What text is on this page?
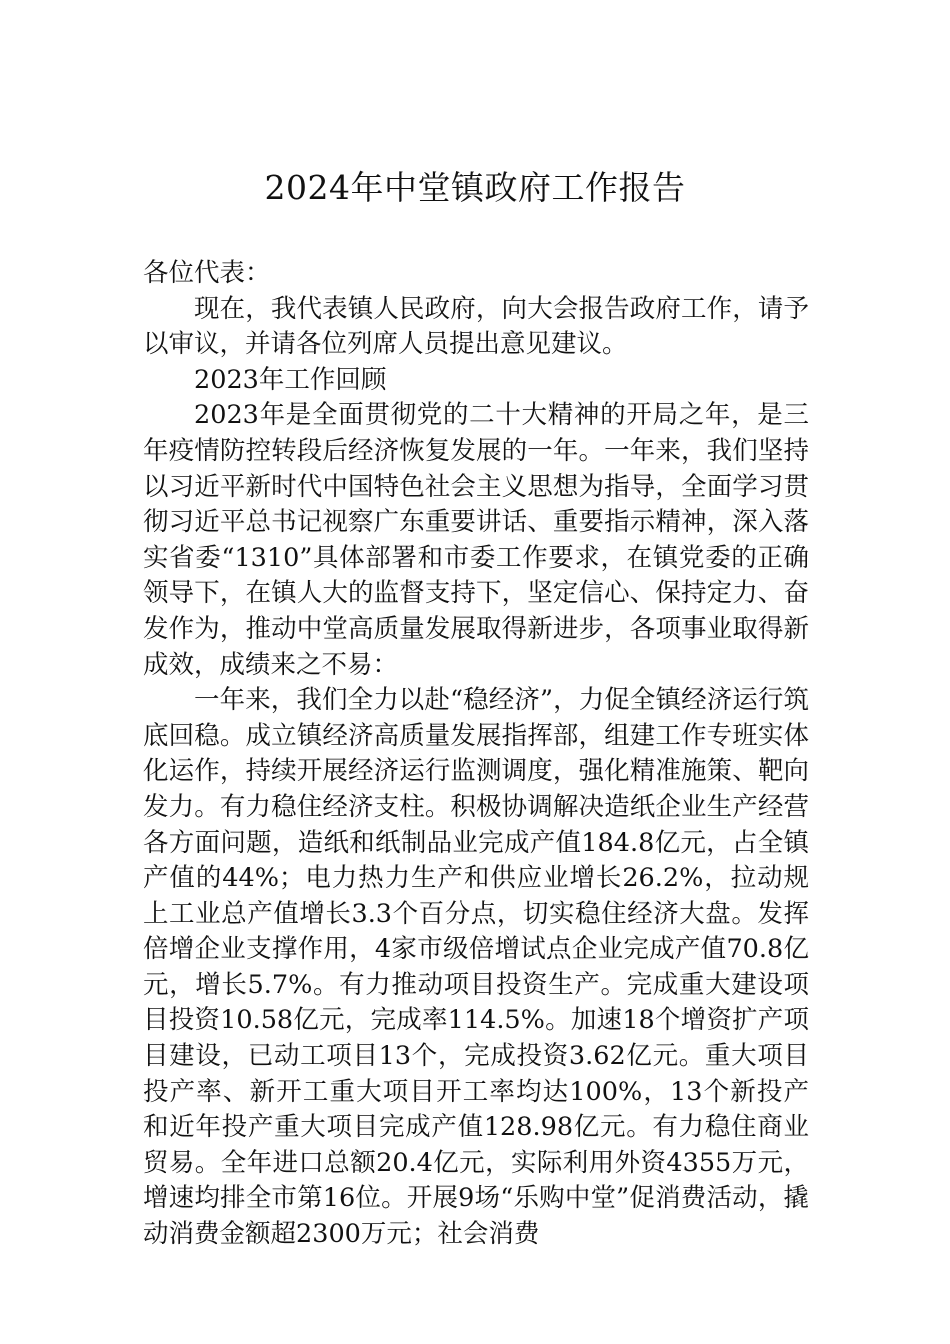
2024年中堂镇政府工作报告

各位代表：

现在，我代表镇人民政府，向大会报告政府工作，请予以审议，并请各位列席人员提出意见建议。

2023年工作回顾

2023年是全面贯彻党的二十大精神的开局之年，是三年疫情防控转段后经济恢复发展的一年。一年来，我们坚持以习近平新时代中国特色社会主义思想为指导，全面学习贯彻习近平总书记视察广东重要讲话、重要指示精神，深入落实省委“1310”具体部署和市委工作要求，在镇党委的正确领导下，在镇人大的监督支持下，坚定信心、保持定力、奋发作为，推动中堂高质量发展取得新进步，各项事业取得新成效，成绩来之不易：

一年来，我们全力以赴“稳经济”，力促全镇经济运行筑底回稳。成立镇经济高质量发展指挥部，组建工作专班实体化运作，持续开展经济运行监测调度，强化精准施策、靶向发力。有力稳住经济支柱。积极协调解决造纸企业生产经营各方面问题，造纸和纸制品业完成产值184.8亿元，占全镇产值的44%；电力热力生产和供应业增长26.2%，拉动规上工业总产值增长3.3个百分点，切实稳住经济大盘。发挥倍增企业支撑作用，4家市级倍增试点企业完成产值70.8亿元，增长5.7%。有力推动项目投资生产。完成重大建设项目投资10.58亿元，完成率114.5%。加速18个增资扩产项目建设，已动工项目13个，完成投资3.62亿元。重大项目投产率、新开工重大项目开工率均达100%，13个新投产和近年投产重大项目完成产值128.98亿元。有力稳住商业贸易。全年进口总额20.4亿元，实际利用外资4355万元，增速均排全市第16位。开展9场“乐购中堂”促消费活动，撬动消费金额超2300万元；社会消费
